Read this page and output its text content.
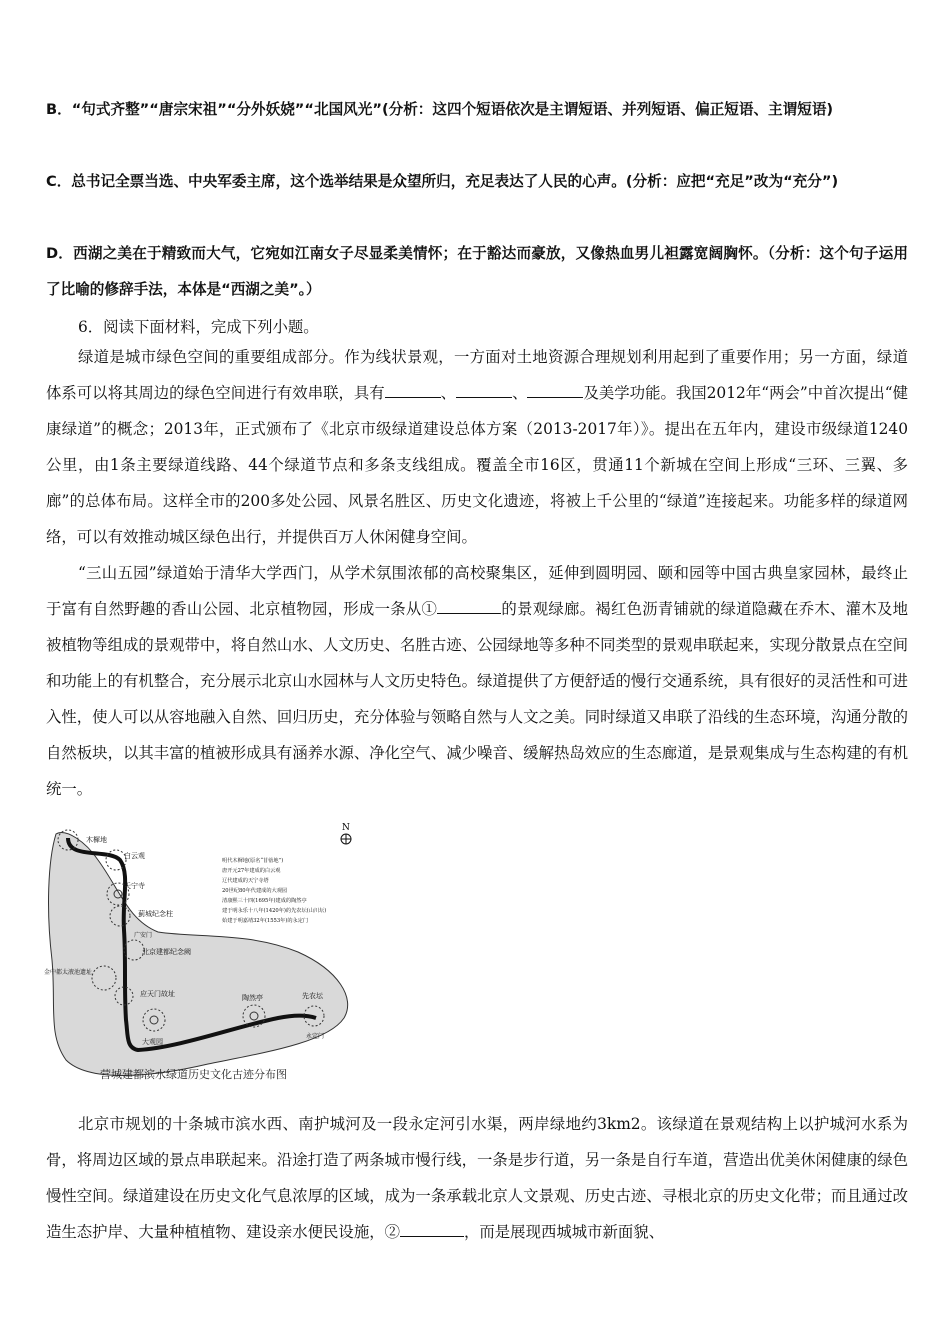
B．“句式齐整”“唐宗宋祖”“分外妖娆”“北国风光”(分析：这四个短语依次是主谓短语、并列短语、偏正短语、主谓短语)

C．总书记全票当选、中央军委主席，这个选举结果是众望所归，充足表达了人民的心声。(分析：应把“充足”改为“充分”)

D．西湖之美在于精致而大气，它宛如江南女子尽显柔美情怀；在于豁达而豪放，又像热血男儿袒露宽阔胸怀。（分析：这个句子运用了比喻的修辞手法，本体是“西湖之美”。）

6．阅读下面材料，完成下列小题。

绿道是城市绿色空间的重要组成部分。作为线状景观，一方面对土地资源合理规划利用起到了重要作用；另一方面，绿道体系可以将其周边的绿色空间进行有效串联，具有	、	、	及美学功能。我国2012年“两会”中首次提出“健康绿道”的概念；2013年，正式颁布了《北京市级绿道建设总体方案（2013-2017年）》。提出在五年内，建设市级绿道1240公里，由1条主要绿道线路、44个绿道节点和多条支线组成。覆盖全市16区，贯通11个新城在空间上形成“三环、三翼、多廊”的总体布局。这样全市的200多处公园、风景名胜区、历史文化遗迹，将被上千公里的“绿道”连接起来。功能多样的绿道网络，可以有效推动城区绿色出行，并提供百万人休闲健身空间。

“三山五园”绿道始于清华大学西门，从学术氛围浓郁的高校聚集区，延伸到圆明园、颐和园等中国古典皇家园林，最终止于富有自然野趣的香山公园、北京植物园，形成一条从①	的景观绿廊。褐红色沥青铺就的绿道隐藏在乔木、灌木及地被植物等组成的景观带中，将自然山水、人文历史、名胜古迹、公园绿地等多种不同类型的景观串联起来，实现分散景点在空间和功能上的有机整合，充分展示北京山水园林与人文历史特色。绿道提供了方便舒适的慢行交通系统，具有很好的灵活性和可进入性，使人可以从容地融入自然、回归历史，充分体验与领略自然与人文之美。同时绿道又串联了沿线的生态环境，沟通分散的自然板块，以其丰富的植被形成具有涵养水源、净化空气、减少噪音、缓解热岛效应的生态廊道，是景观集成与生态构建的有机统一。

木樨地
白云观
天宁寺
蓟城纪念柱
广安门
北京建都纪念阙
金中都太液池遗址
应天门故址
大观园
陶然亭	先农坛
永定门
N
明代木樨地(原名“苜蓿地”)
唐开元27年建成的白云观
辽代建成的天宁寺塔
20世纪80年代建成的大观园
清康熙三十四(1695年)建成的陶然亭
建于明永乐十八年(1420年)的先农坛(山川坛)
始建于明嘉靖32年(1553年)的永定门
营城建都滨水绿道历史文化古迹分布图

北京市规划的十条城市滨水西、南护城河及一段永定河引水渠，两岸绿地约3km2。该绿道在景观结构上以护城河水系为骨，将周边区域的景点串联起来。沿途打造了两条城市慢行线，一条是步行道，另一条是自行车道，营造出优美休闲健康的绿色慢性空间。绿道建设在历史文化气息浓厚的区域，成为一条承载北京人文景观、历史古迹、寻根北京的历史文化带；而且通过改造生态护岸、大量种植植物、建设亲水便民设施，②	，而是展现西城城市新面貌、
